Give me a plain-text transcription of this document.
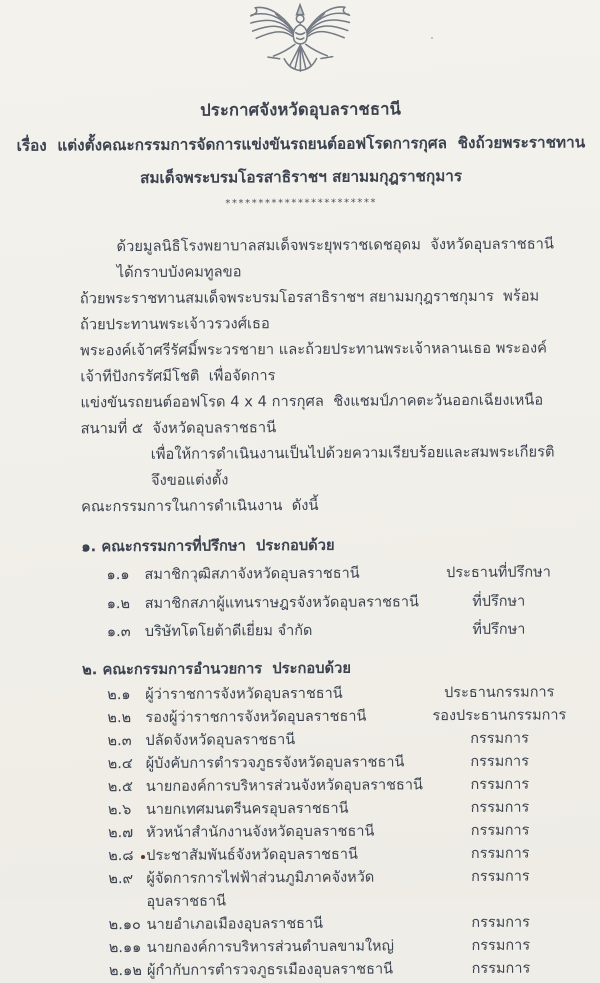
ประกาศจังหวัดอุบลราชธานี
เรื่อง  แต่งตั้งคณะกรรมการจัดการแข่งขันรถยนต์ออฟโรดการกุศล  ชิงถ้วยพระราชทาน
สมเด็จพระบรมโอรสาธิราชฯ สยามมกุฎราชกุมาร
***********************
ด้วยมูลนิธิโรงพยาบาลสมเด็จพระยุพราชเดชอุดม  จังหวัดอุบลราชธานี  ได้กราบบังคมทูลขอ
ถ้วยพระราชทานสมเด็จพระบรมโอรสาธิราชฯ สยามมกุฎราชกุมาร  พร้อมถ้วยประทานพระเจ้าวรวงศ์เธอ
พระองค์เจ้าศรีรัศมิ์พระวรชายา และถ้วยประทานพระเจ้าหลานเธอ พระองค์เจ้าทีปังกรรัศมีโชติ  เพื่อจัดการ
แข่งขันรถยนต์ออฟโรด 4 x 4 การกุศล  ชิงแชมป์ภาคตะวันออกเฉียงเหนือ  สนามที่ ๕  จังหวัดอุบลราชธานี
เพื่อให้การดำเนินงานเป็นไปด้วยความเรียบร้อยและสมพระเกียรติ  จึงขอแต่งตั้ง
คณะกรรมการในการดำเนินงาน  ดังนี้
๑. คณะกรรมการที่ปรึกษา  ประกอบด้วย
๑.๑	สมาชิกวุฒิสภาจังหวัดอุบลราชธานี	ประธานที่ปรึกษา
๑.๒	สมาชิกสภาผู้แทนราษฎรจังหวัดอุบลราชธานี	ที่ปรึกษา
๑.๓ บริษัทโตโยต้าดีเยี่ยม จำกัด	ที่ปรึกษา
๒. คณะกรรมการอำนวยการ  ประกอบด้วย
๒.๑	ผู้ว่าราชการจังหวัดอุบลราชธานี	ประธานกรรมการ
๒.๒ รองผู้ว่าราชการจังหวัดอุบลราชธานี	รองประธานกรรมการ
๒.๓ ปลัดจังหวัดอุบลราชธานี	กรรมการ
๒.๔ ผู้บังคับการตำรวจภูธรจังหวัดอุบลราชธานี	กรรมการ
๒.๕ นายกองค์การบริหารส่วนจังหวัดอุบลราชธานี	กรรมการ
๒.๖	นายกเทศมนตรีนครอุบลราชธานี	กรรมการ
๒.๗ หัวหน้าสำนักงานจังหวัดอุบลราชธานี	กรรมการ
๒.๘ ประชาสัมพันธ์จังหวัดอุบลราชธานี	กรรมการ
๒.๙ ผู้จัดการการไฟฟ้าส่วนภูมิภาคจังหวัดอุบลราชธานี
กรรมการ
๒.๑๐ นายอำเภอเมืองอุบลราชธานี	กรรมการ
๒.๑๑ นายกองค์การบริหารส่วนตำบลขามใหญ่	กรรมการ
๒.๑๒ ผู้กำกับการตำรวจภูธรเมืองอุบลราชธานี	กรรมการ
